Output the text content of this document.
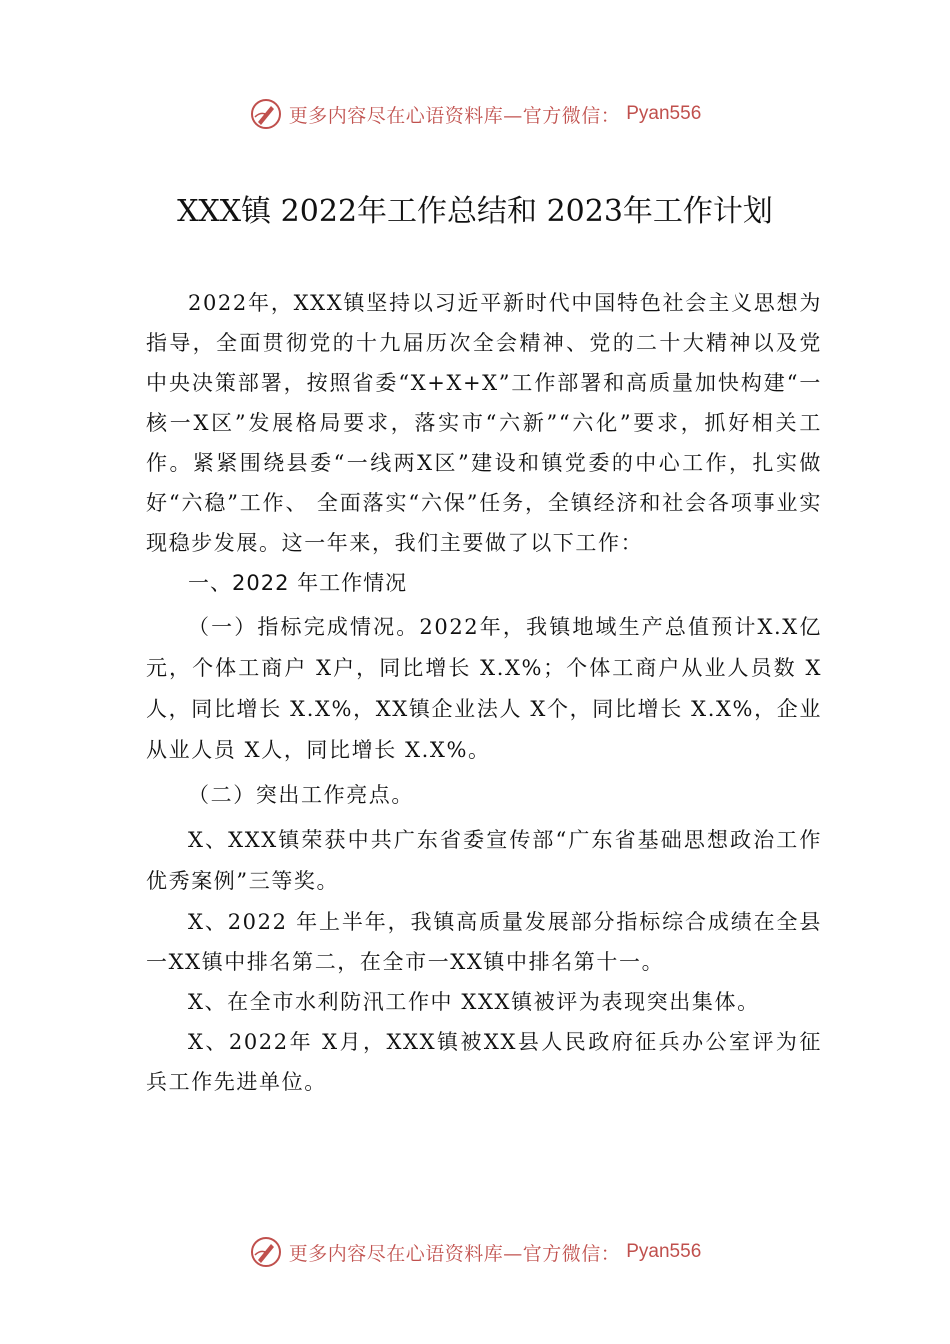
更多内容尽在心语资料库—官方微信： Pyan556
XXX镇 2022年工作总结和 2023年工作计划

2022年，XXX镇坚持以习近平新时代中国特色社会主义思想为指导，全面贯彻党的十九届历次全会精神、党的二十大精神以及党中央决策部署，按照省委“X+X+X”工作部署和高质量加快构建“一核一X区”发展格局要求，落实市“六新”“六化”要求，抓好相关工作。紧紧围绕县委“一线两X区”建设和镇党委的中心工作，扎实做好“六稳”工作、 全面落实“六保”任务，全镇经济和社会各项事业实现稳步发展。这一年来，我们主要做了以下工作：

一、2022 年工作情况

（一）指标完成情况。2022年，我镇地域生产总值预计X.X亿元，个体工商户 X户，同比增长 X.X%；个体工商户从业人员数 X人，同比增长 X.X%，XX镇企业法人 X个，同比增长 X.X%，企业从业人员 X人，同比增长 X.X%。

（二）突出工作亮点。

X、XXX镇荣获中共广东省委宣传部“广东省基础思想政治工作优秀案例”三等奖。

X、2022 年上半年，我镇高质量发展部分指标综合成绩在全县一XX镇中排名第二，在全市一XX镇中排名第十一。

X、在全市水利防汛工作中 XXX镇被评为表现突出集体。

X、2022年 X月，XXX镇被XX县人民政府征兵办公室评为征兵工作先进单位。

更多内容尽在心语资料库—官方微信： Pyan556
